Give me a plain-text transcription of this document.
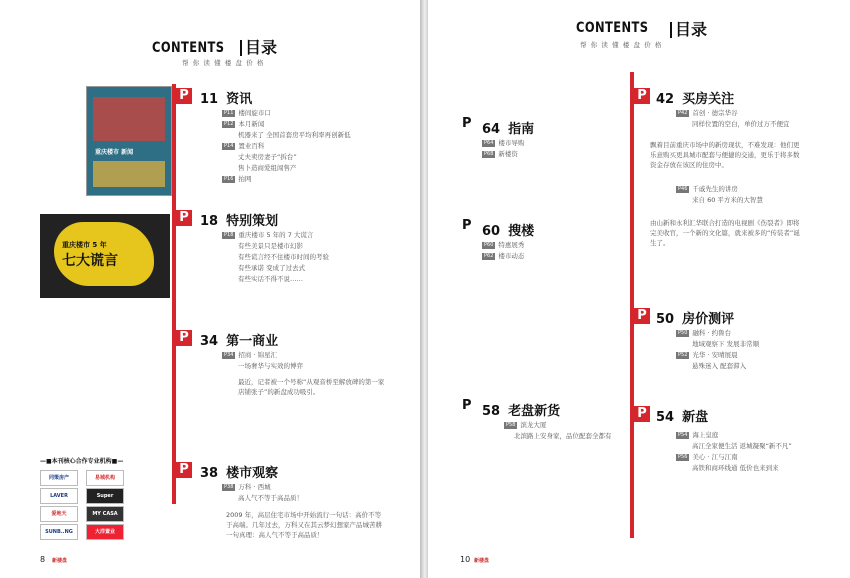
CONTENTS	目录
帮你读懂楼盘价格
重庆楼市 新闻
重庆楼市 5 年
七大谎言
P 11 资讯
P11 楼间旋市口
P12 本月新闻
机器来了 全国首套房平均利率再创新低
P14 置业百科
丈夫卖房妻子“拆台”
售卜造商爱组闯售产
P16 拍网
P 18 特别策划
P18 重庆楼市 5 年的 7 大谎言
有些美景只是楼市幻影
有些谎言经不住楼市时间的考验
有些承诺 变成了过去式
有些实话不得不说……
P 34 第一商业
P34 招商 · 锦星汇
一场奢华与实效的博弈
最近，记者被一个号称“从观音桥至解放碑的第一家店铺张子”的新盘成功吸引。
P 38 楼市观察
P38 万科 · 西城
高人气不等于高品质！
2009 年，高层住宅市场中开始流行一句话：高价不等于高端。几年过去，万科又在其云梦幻想家产品城苦耕一句真理：高人气不等于高品质！
—■本刊核心合作专业机构■—
同策房产	易城机构
LAVER	Super
爱地天	MY CASA
SUNB..NG	大洋置业
8 新楼盘
CONTENTS	目录
帮你读懂楼盘价格
P 64 指南
P64 楼市导购
P68 新楼资
P 60 搜楼
P60 特惠展秀
P62 楼市动态
P 58 老盘新货
P58 滨龙大厦
北滨路上安身家，品位配套全都有
P 42 买房关注
P42 首创 · 德宗华谷
同样位置的空白，单价过万不便宜
飘着目前重庆市场中的新房现状，不难发现：他们更乐意购买更具城市配套与便捷的交通，更乐于将多数资金存放在该区的住房中。
P46 千戚先生的讲房
来自 60 平方米的大智慧
由山新和永利汇华联合打造的电视剧《伤裂者》即将完美收官，一个新的文化篇，就来被多的“传装者”诞生了。
P 50 房价测评
P50 融科 · 约鲁台
地域观察下 发展非常顺
P52 光华 · 安晴展晨
悬殊迷入 配套滞入
P 54 新盘
P54 海上皇庭
高江全家便生活 返城凝聚“新不凡”
P56 美心 · 江与江南
高铁和商环线通 低价也来到来
10 新楼盘
